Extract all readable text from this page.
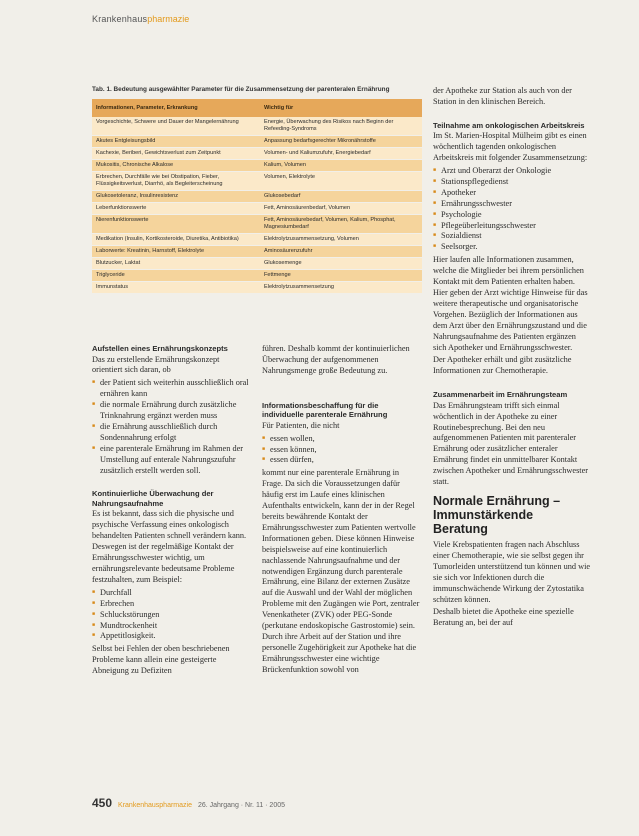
Krankenhauspharmazie
Tab. 1. Bedeutung ausgewählter Parameter für die Zusammensetzung der parenteralen Ernährung
Informationen, Parameter, Erkrankung	Wichtig für
Vorgeschichte, Schwere und Dauer der Mangelernährung	Energie, Überwachung des Risikos nach Beginn der Refeeding-Syndroms
Akutes Entgleisungsbild	Anpassung bedarfsgerechter Mikronährstoffe
Kachexie, Beriberi, Gewichtsverlust zum Zeitpunkt	Volumen- und Kaliumzufuhr, Energiebedarf
Mukositis, Chronische Alkalose	Kalium, Volumen
Erbrechen, Durchfälle wie bei Obstipation, Fieber, Flüssigkeitsverlust, Diarrhö, als Begleiterscheinung	Volumen, Elektrolyte
Glukosetoleranz, Insulinresistenz	Glukosebedarf
Leberfunktionswerte	Fett, Aminosäurenbedarf, Volumen
Nierenfunktionswerte	Fett, Aminosäurebedarf, Volumen, Kalium, Phosphat, Magnesiumbedarf
Medikation (Insulin, Kortikosteroide, Diuretika, Antibiotika)	Elektrolytzusammensetzung, Volumen
Laborwerte: Kreatinin, Harnstoff, Elektrolyte	Aminosäurenzufuhr
Blutzucker, Laktat	Glukosemenge
Triglyceride	Fettmenge
Immunstatus	Elektrolytzusammensetzung
Aufstellen eines Ernährungskonzepts

Das zu erstellende Ernährungskonzept orientiert sich daran, ob

■ der Patient sich weiterhin ausschließlich oral ernähren kann
■ die normale Ernährung durch zusätzliche Trinknahrung ergänzt werden muss
■ die Ernährung ausschließlich durch Sondennahrung erfolgt
■ eine parenterale Ernährung im Rahmen der Umstellung auf enterale Nahrungszufuhr zusätzlich erstellt werden soll.
Kontinuierliche Überwachung der Nahrungsaufnahme

Es ist bekannt, dass sich die physische und psychische Verfassung eines onkologisch behandelten Patienten schnell verändern kann. Deswegen ist der regelmäßige Kontakt der Ernährungsschwester wichtig, um ernährungsrelevante bedeutsame Probleme festzuhalten, zum Beispiel:

■ Durchfall
■ Erbrechen
■ Schluckstörungen
■ Mundtrockenheit
■ Appetitlosigkeit.

Selbst bei Fehlen der oben beschriebenen Probleme kann allein eine gesteigerte Abneigung zu Defiziten

führen. Deshalb kommt der kontinuierlichen Überwachung der aufgenommenen Nahrungsmenge große Bedeutung zu.

Informationsbeschaffung für die individuelle parenterale Ernährung

Für Patienten, die nicht

■ essen wollen,
■ essen können,
■ essen dürfen,

kommt nur eine parenterale Ernährung in Frage. Da sich die Voraussetzungen dafür häufig erst im Laufe eines klinischen Aufenthalts entwickeln, kann der in der Regel bereits bewährende Kontakt der Ernährungsschwester zum Patienten wertvolle Informationen geben. Diese können Hinweise beispielsweise auf eine kontinuierlich nachlassende Nahrungsaufnahme und der notwendigen Ergänzung durch parenterale Ernährung, eine Bilanz der externen Zusätze auf die Auswahl und der Wahl der möglichen Probleme mit den Zugängen wie Port, zentraler Venenkatheter (ZVK) oder PEG-Sonde (perkutane endoskopische Gastrostomie) sein. Durch ihre Arbeit auf der Station und ihre personelle Zugehörigkeit zur Apotheke hat die Ernährungsschwester eine wichtige Brückenfunktion sowohl von

der Apotheke zur Station als auch von der Station in den klinischen Bereich.

Teilnahme am onkologischen Arbeitskreis

Im St. Marien-Hospital Mülheim gibt es einen wöchentlich tagenden onkologischen Arbeitskreis mit folgender Zusammensetzung:

■ Arzt und Oberarzt der Onkologie
■ Stationspflegedienst
■ Apotheker
■ Ernährungsschwester
■ Psychologie
■ Pflegeüberleitungsschwester
■ Sozialdienst
■ Seelsorger.

Hier laufen alle Informationen zusammen, welche die Mitglieder bei ihrem persönlichen Kontakt mit dem Patienten erhalten haben. Hier geben der Arzt wichtige Hinweise für das weitere therapeutische und organisatorische Vorgehen. Bezüglich der Informationen aus dem Arzt über den Ernährungszustand und die Nahrungsaufnahme des Patienten ergänzen sich Apotheker und Ernährungsschwester.

Der Apotheker erhält und gibt zusätzliche Informationen zur Chemotherapie.

Zusammenarbeit im Ernährungsteam

Das Ernährungsteam trifft sich einmal wöchentlich in der Apotheke zu einer Routinebesprechung. Bei den neu aufgenommenen Patienten mit parenteraler Ernährung oder zusätzlicher enteraler Ernährung findet ein unmittelbarer Kontakt zwischen Apotheker und Ernährungsschwester statt.

Normale Ernährung – Immunstärkende Beratung

Viele Krebspatienten fragen nach Abschluss einer Chemotherapie, wie sie selbst gegen ihr Tumorleiden unterstützend tun können und wie sie sich vor Infektionen durch die immunschwächende Wirkung der Zytostatika schützen können.

Deshalb bietet die Apotheke eine spezielle Beratung an, bei der auf

450 Krankenhauspharmazie 26. Jahrgang · Nr. 11 · 2005
